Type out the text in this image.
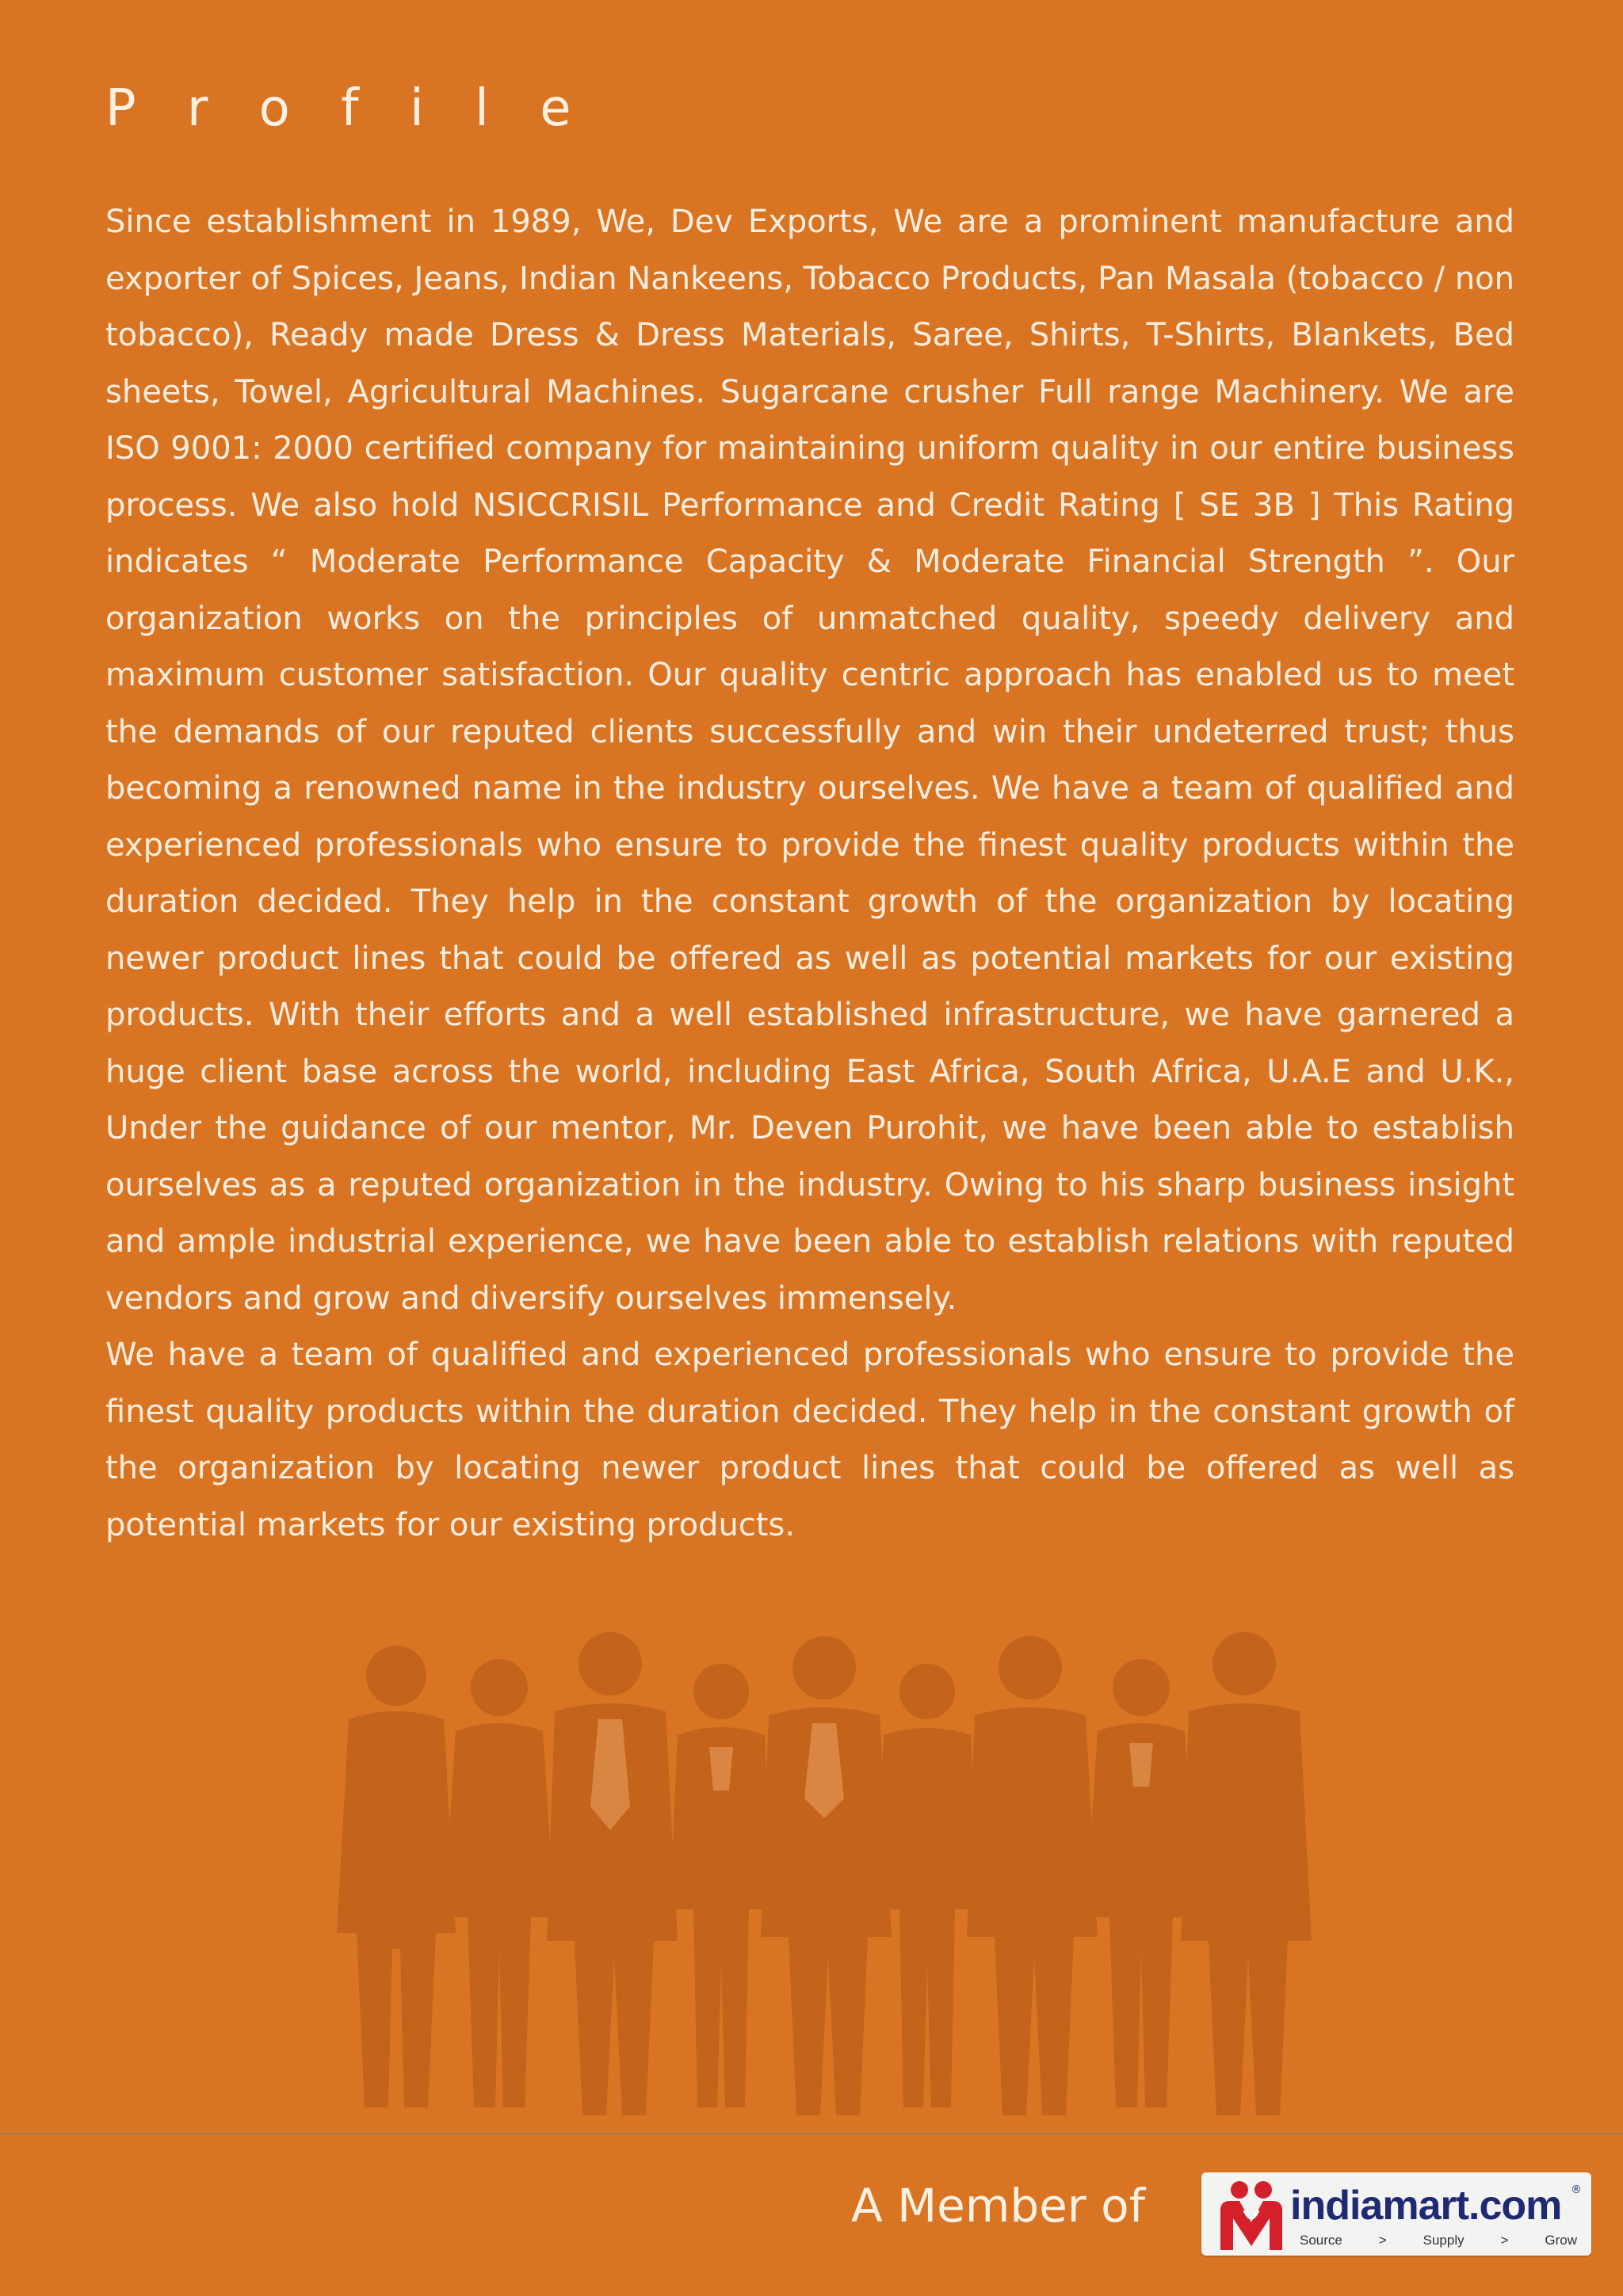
P r o f i l e

Since establishment in 1989, We, Dev Exports, We are a prominent manufacture and exporter of Spices, Jeans, Indian Nankeens, Tobacco Products, Pan Masala (tobacco / non tobacco), Ready made Dress & Dress Materials, Saree, Shirts, T-Shirts, Blankets, Bed sheets, Towel, Agricultural Machines. Sugarcane crusher Full range Machinery. We are ISO 9001: 2000 certified company for maintaining uniform quality in our entire business process. We also hold NSICCRISIL Performance and Credit Rating [ SE 3B ] This Rating indicates “ Moderate Performance Capacity & Moderate Financial Strength ”. Our organization works on the principles of unmatched quality, speedy delivery and maximum customer satisfaction. Our quality centric approach has enabled us to meet the demands of our reputed clients successfully and win their undeterred trust; thus becoming a renowned name in the industry ourselves. We have a team of qualified and experienced professionals who ensure to provide the finest quality products within the duration decided. They help in the constant growth of the organization by locating newer product lines that could be offered as well as potential markets for our existing products. With their efforts and a well established infrastructure, we have garnered a huge client base across the world, including East Africa, South Africa, U.A.E and U.K., Under the guidance of our mentor, Mr. Deven Purohit, we have been able to establish ourselves as a reputed organization in the industry. Owing to his sharp business insight and ample industrial experience, we have been able to establish relations with reputed vendors and grow and diversify ourselves immensely.

We have a team of qualified and experienced professionals who ensure to provide the finest quality products within the duration decided. They help in the constant growth of the organization by locating newer product lines that could be offered as well as potential markets for our existing products.

A Member of	indiamart.com ®
Source	>	Supply	>	Grow
